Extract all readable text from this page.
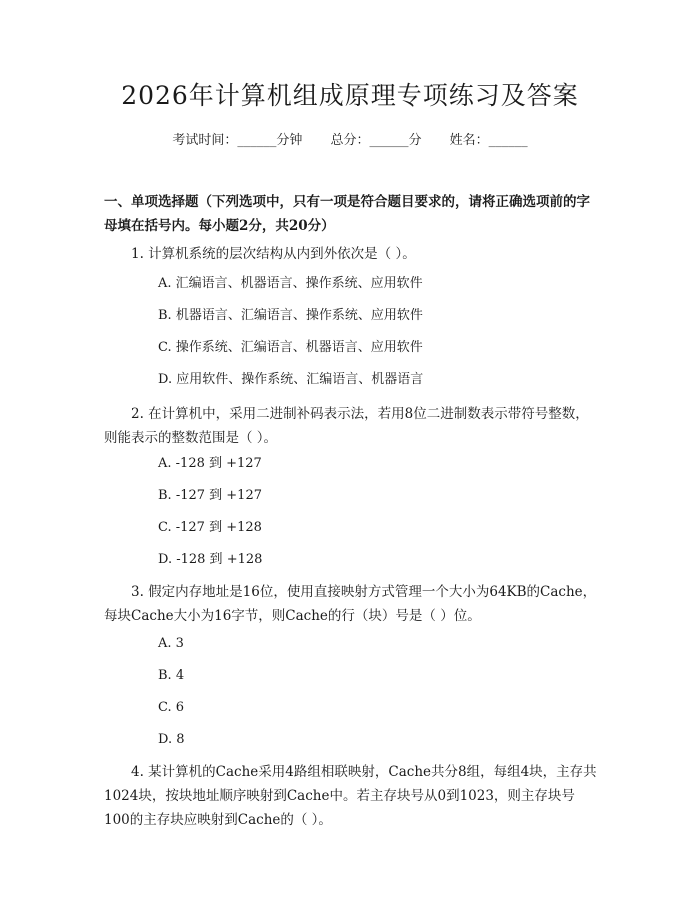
2026年计算机组成原理专项练习及答案
考试时间：______分钟 总分：______分 姓名：______
一、单项选择题（下列选项中，只有一项是符合题目要求的，请将正确选项前的字母填在括号内。每小题2分，共20分）
1. 计算机系统的层次结构从内到外依次是（ ）。
A. 汇编语言、机器语言、操作系统、应用软件
B. 机器语言、汇编语言、操作系统、应用软件
C. 操作系统、汇编语言、机器语言、应用软件
D. 应用软件、操作系统、汇编语言、机器语言
2. 在计算机中，采用二进制补码表示法，若用8位二进制数表示带符号整数，则能表示的整数范围是（ ）。
A. -128 到 +127
B. -127 到 +127
C. -127 到 +128
D. -128 到 +128
3. 假定内存地址是16位，使用直接映射方式管理一个大小为64KB的Cache，每块Cache大小为16字节，则Cache的行（块）号是（ ）位。
A. 3
B. 4
C. 6
D. 8
4. 某计算机的Cache采用4路组相联映射，Cache共分8组，每组4块，主存共1024块，按块地址顺序映射到Cache中。若主存块号从0到1023，则主存块号100的主存块应映射到Cache的（ ）。
